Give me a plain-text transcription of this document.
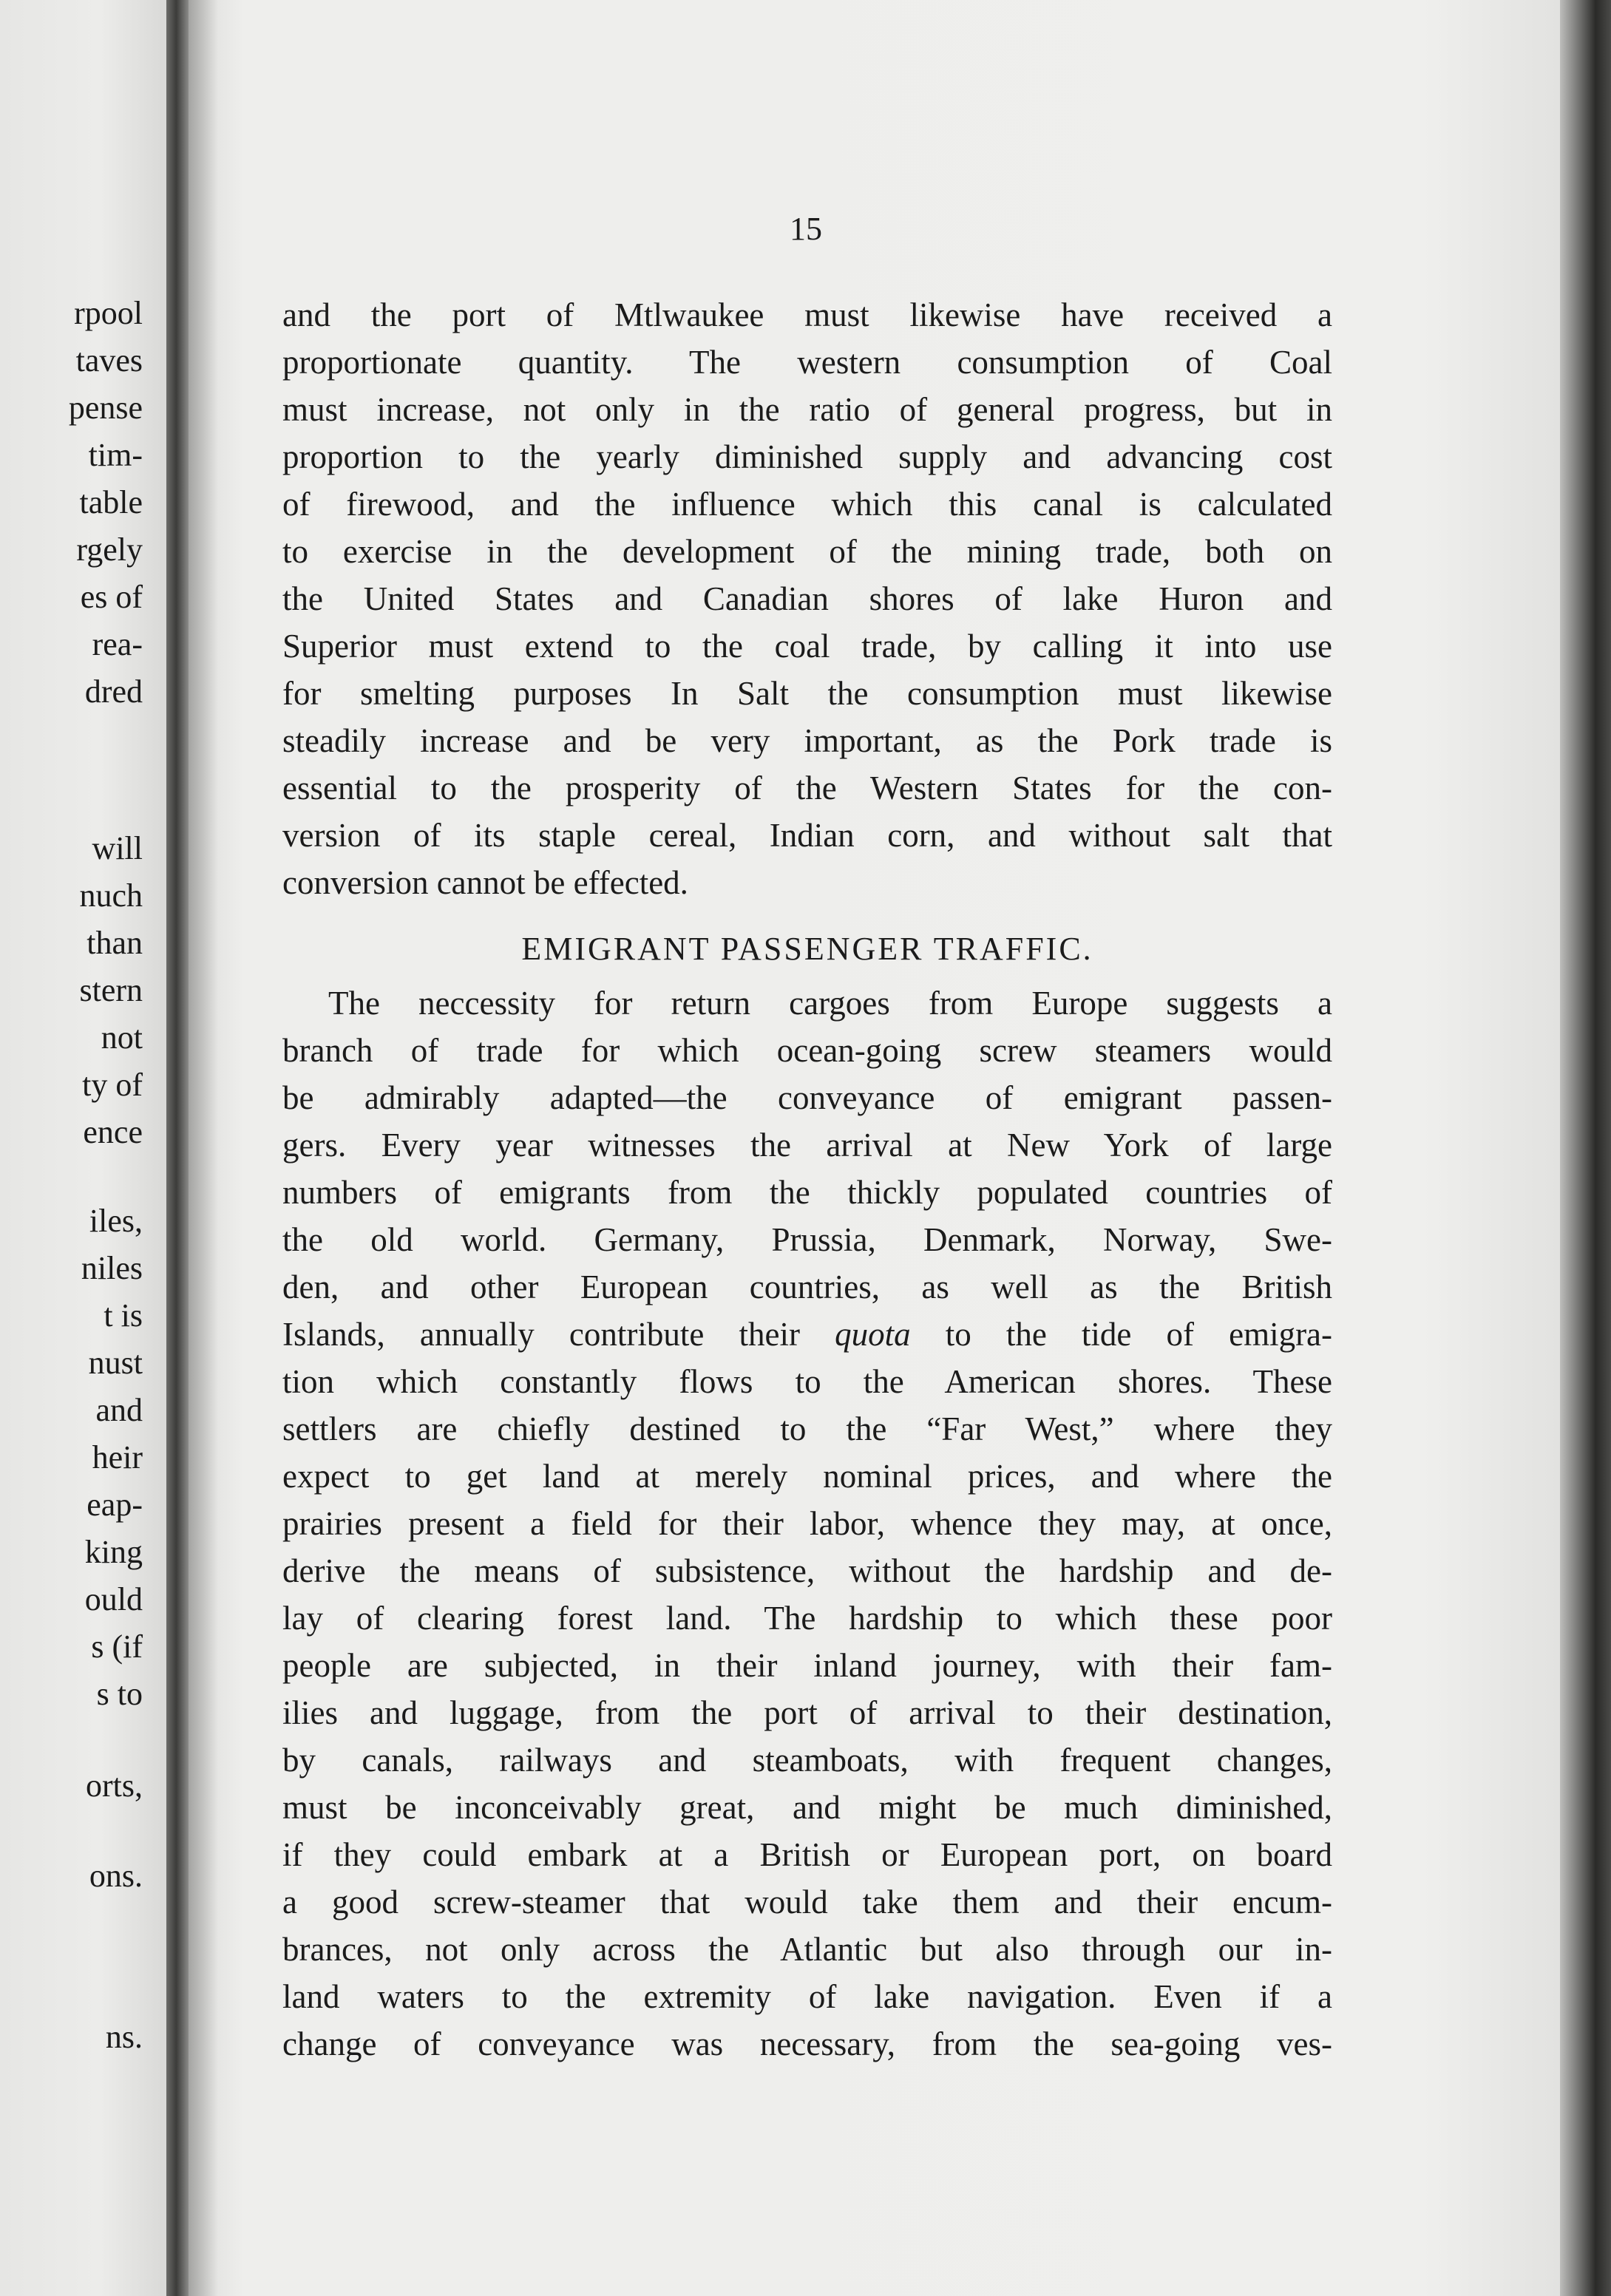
rpool
taves
pense
tim-
table
rgely
es of
rea-
dred
will
nuch
than
stern
not
ty of
ence
iles,
niles
t is
nust
and
heir
eap-
king
ould
s (if
s to
orts,
ons.
ns.
15
and the port of Mtlwaukee must likewise have received a
proportionate quantity. The western consumption of Coal
must increase, not only in the ratio of general progress, but in
proportion to the yearly diminished supply and advancing cost
of firewood, and the influence which this canal is calculated
to exercise in the development of the mining trade, both on
the United States and Canadian shores of lake Huron and
Superior must extend to the coal trade, by calling it into use
for smelting purposes In Salt the consumption must likewise
steadily increase and be very important, as the Pork trade is
essential to the prosperity of the Western States for the con-
version of its staple cereal, Indian corn, and without salt that
conversion cannot be effected.
EMIGRANT PASSENGER TRAFFIC.
The neccessity for return cargoes from Europe suggests a
branch of trade for which ocean-going screw steamers would
be admirably adapted—the conveyance of emigrant passen-
gers. Every year witnesses the arrival at New York of large
numbers of emigrants from the thickly populated countries of
the old world. Germany, Prussia, Denmark, Norway, Swe-
den, and other European countries, as well as the British
Islands, annually contribute their quota to the tide of emigra-
tion which constantly flows to the American shores. These
settlers are chiefly destined to the “Far West,” where they
expect to get land at merely nominal prices, and where the
prairies present a field for their labor, whence they may, at once,
derive the means of subsistence, without the hardship and de-
lay of clearing forest land. The hardship to which these poor
people are subjected, in their inland journey, with their fam-
ilies and luggage, from the port of arrival to their destination,
by canals, railways and steamboats, with frequent changes,
must be inconceivably great, and might be much diminished,
if they could embark at a British or European port, on board
a good screw-steamer that would take them and their encum-
brances, not only across the Atlantic but also through our in-
land waters to the extremity of lake navigation. Even if a
change of conveyance was necessary, from the sea-going ves-
